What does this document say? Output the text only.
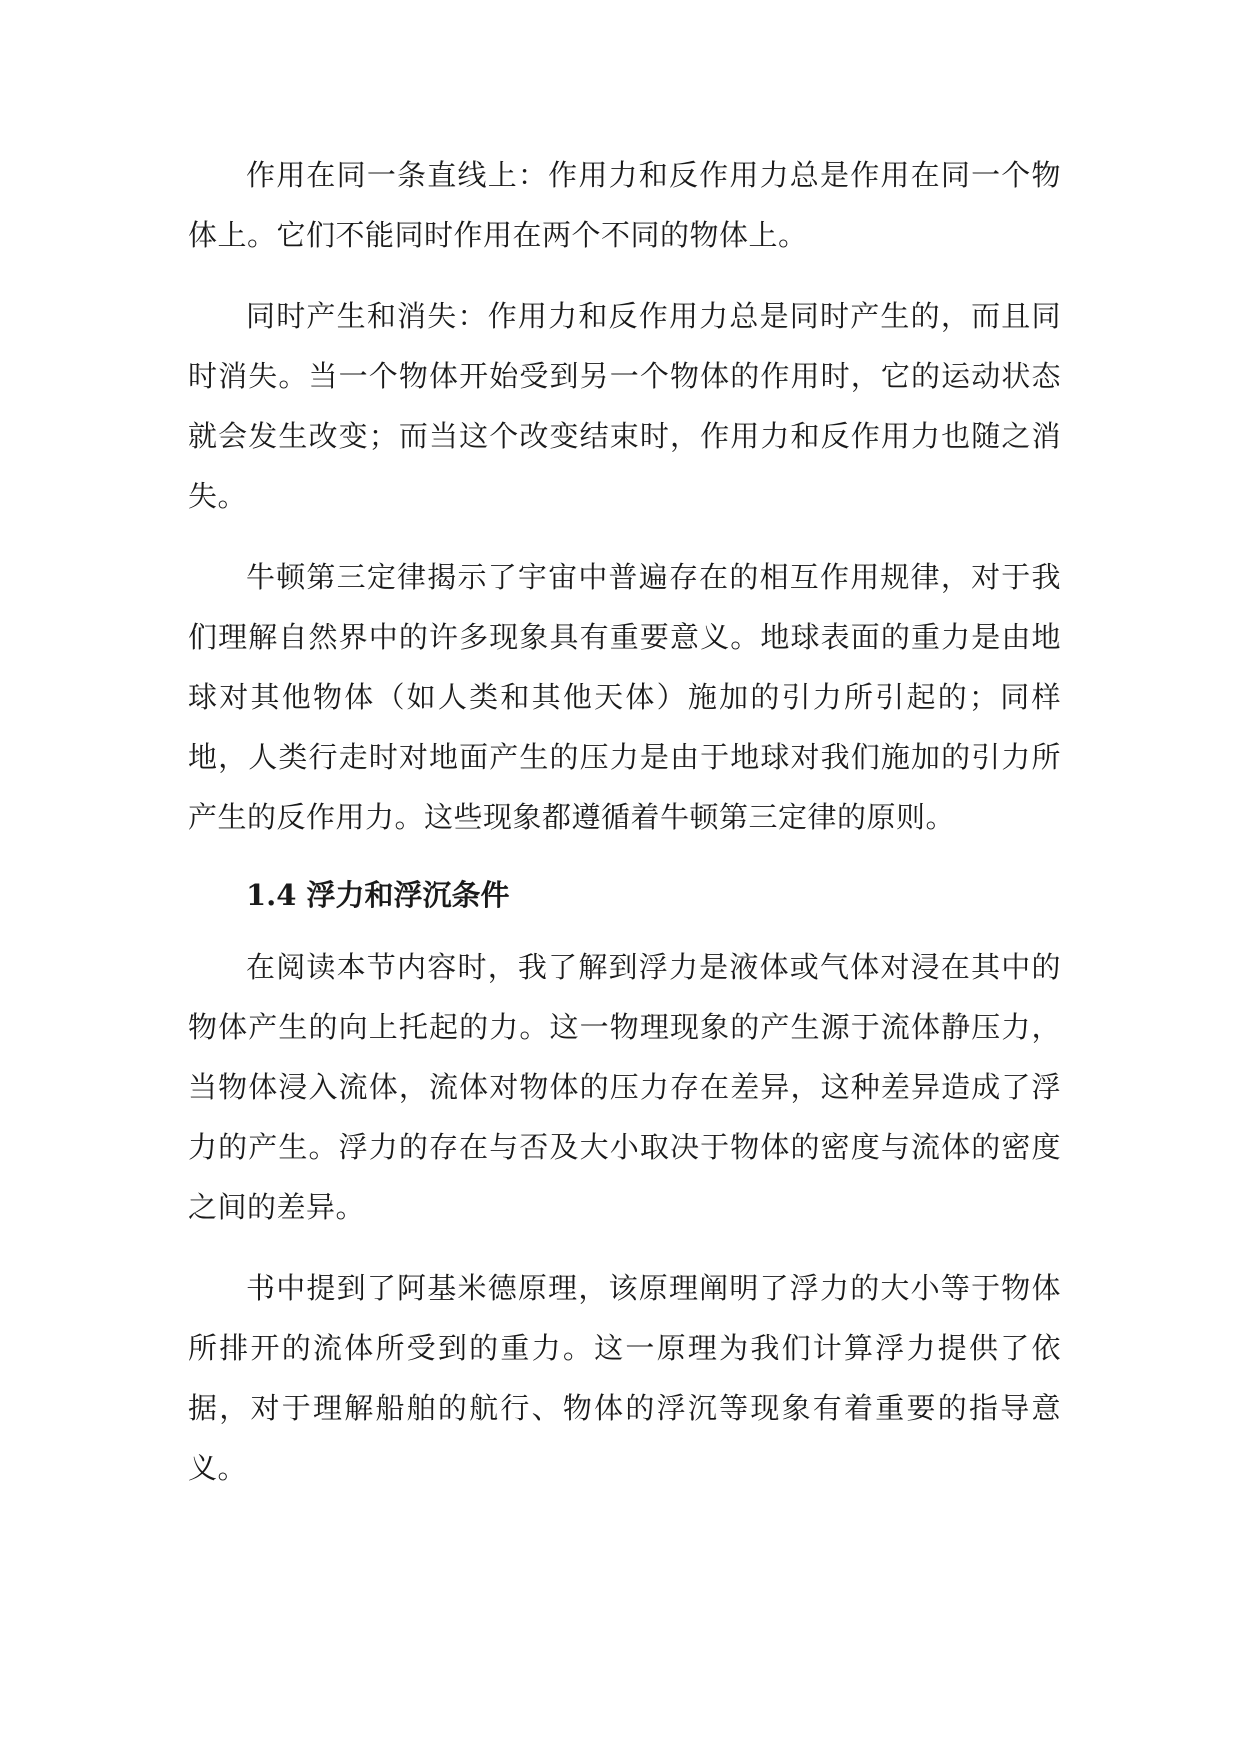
作用在同一条直线上：作用力和反作用力总是作用在同一个物体上。它们不能同时作用在两个不同的物体上。

同时产生和消失：作用力和反作用力总是同时产生的，而且同时消失。当一个物体开始受到另一个物体的作用时，它的运动状态就会发生改变；而当这个改变结束时，作用力和反作用力也随之消失。

牛顿第三定律揭示了宇宙中普遍存在的相互作用规律，对于我们理解自然界中的许多现象具有重要意义。地球表面的重力是由地球对其他物体（如人类和其他天体）施加的引力所引起的；同样地，人类行走时对地面产生的压力是由于地球对我们施加的引力所产生的反作用力。这些现象都遵循着牛顿第三定律的原则。

1.4 浮力和浮沉条件

在阅读本节内容时，我了解到浮力是液体或气体对浸在其中的物体产生的向上托起的力。这一物理现象的产生源于流体静压力，当物体浸入流体，流体对物体的压力存在差异，这种差异造成了浮力的产生。浮力的存在与否及大小取决于物体的密度与流体的密度之间的差异。

书中提到了阿基米德原理，该原理阐明了浮力的大小等于物体所排开的流体所受到的重力。这一原理为我们计算浮力提供了依据，对于理解船舶的航行、物体的浮沉等现象有着重要的指导意义。
